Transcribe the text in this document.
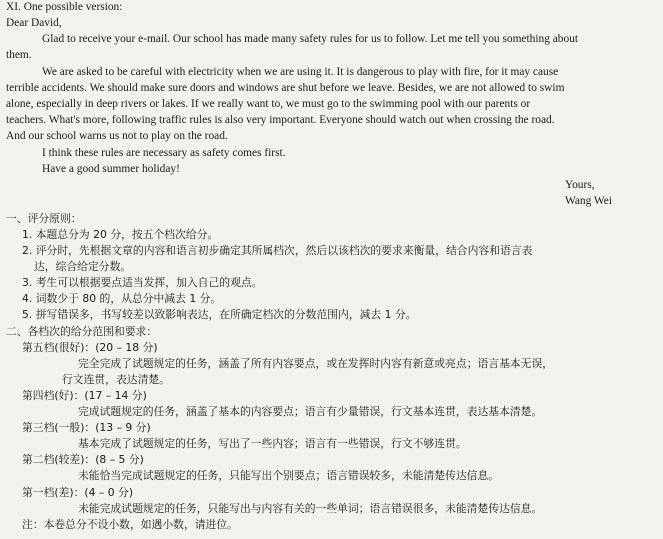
XI. One possible version:
Dear David,
Glad to receive your e-mail. Our school has made many safety rules for us to follow. Let me tell you something about
them.
We are asked to be careful with electricity when we are using it. It is dangerous to play with fire, for it may cause
terrible accidents. We should make sure doors and windows are shut before we leave. Besides, we are not allowed to swim
alone, especially in deep rivers or lakes. If we really want to, we must go to the swimming pool with our parents or
teachers. What's more, following traffic rules is also very important. Everyone should watch out when crossing the road.
And our school warns us not to play on the road.
I think these rules are necessary as safety comes first.
Have a good summer holiday!
Yours,
Wang Wei
一、评分原则：
1. 本题总分为 20 分，按五个档次给分。
2. 评分时，先根据文章的内容和语言初步确定其所属档次，然后以该档次的要求来衡量，结合内容和语言表
达，综合给定分数。
3. 考生可以根据要点适当发挥，加入自己的观点。
4. 词数少于 80 的，从总分中减去 1 分。
5. 拼写错误多，书写较差以致影响表达，在所确定档次的分数范围内，减去 1 分。
二、各档次的给分范围和要求：
第五档(很好)：(20 – 18 分)
完全完成了试题规定的任务，涵盖了所有内容要点，或在发挥时内容有新意或亮点；语言基本无误，
行文连贯，表达清楚。
第四档(好)：(17 – 14 分)
完成试题规定的任务，涵盖了基本的内容要点；语言有少量错误，行文基本连贯，表达基本清楚。
第三档(一般)：(13 – 9 分)
基本完成了试题规定的任务，写出了一些内容；语言有一些错误，行文不够连贯。
第二档(较差)：(8 – 5 分)
未能恰当完成试题规定的任务，只能写出个别要点；语言错误较多，未能清楚传达信息。
第一档(差)：(4 – 0 分)
未能完成试题规定的任务，只能写出与内容有关的一些单词；语言错误很多，未能清楚传达信息。
注：本卷总分不设小数，如遇小数，请进位。
